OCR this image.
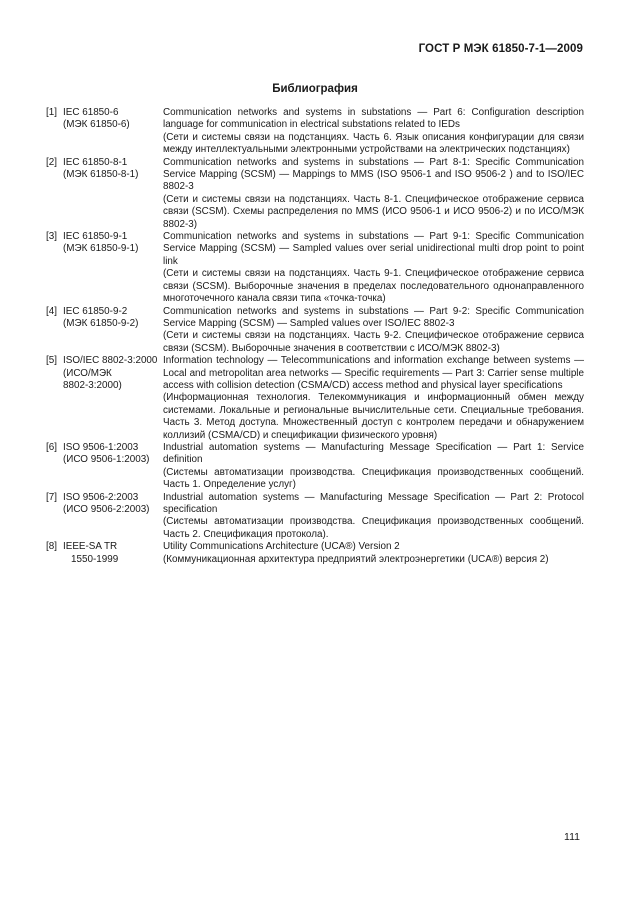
ГОСТ Р МЭК 61850-7-1—2009
Библиография
[1] IEC 61850-6
(МЭК 61850-6)

Communication networks and systems in substations — Part 6: Configuration description language for communication in electrical substations related to IEDs

(Сети и системы связи на подстанциях. Часть 6. Язык описания конфигурации для связи между интеллектуальными электронными устройствами на электрических подстанциях)

[2] IEC 61850-8-1
(МЭК 61850-8-1)

Communication networks and systems in substations — Part 8-1: Specific Communication Service Mapping (SCSM) — Mappings to MMS (ISO 9506-1 and ISO 9506-2 ) and to ISO/IEC 8802-3

(Сети и системы связи на подстанциях. Часть 8-1. Специфическое отображение сервиса связи (SCSM). Схемы распределения по MMS (ИСО 9506-1 и ИСО 9506-2) и по ИСО/МЭК 8802-3)

[3] IEC 61850-9-1
(МЭК 61850-9-1)

Communication networks and systems in substations — Part 9-1: Specific Communication Service Mapping (SCSM) — Sampled values over serial unidirectional multi drop point to point link

(Сети и системы связи на подстанциях. Часть 9-1. Специфическое отображение сервиса связи (SCSM). Выборочные значения в пределах последовательного однонаправленного многоточечного канала связи типа «точка-точка)

[4] IEC 61850-9-2
(МЭК 61850-9-2)

Communication networks and systems in substations — Part 9-2: Specific Communication Service Mapping (SCSM) — Sampled values over ISO/IEC 8802-3

(Сети и системы связи на подстанциях. Часть 9-2. Специфическое отображение сервиса связи (SCSM). Выборочные значения в соответствии с ИСО/МЭК 8802-3)

[5] ISO/IEC 8802-3:2000
(ИСО/МЭК
8802-3:2000)

Information technology — Telecommunications and information exchange between systems — Local and metropolitan area networks — Specific requirements — Part 3: Carrier sense multiple access with collision detection (CSMA/CD) access method and physical layer specifications

(Информационная технология. Телекоммуникация и информационный обмен между системами. Локальные и региональные вычислительные сети. Специальные требования. Часть 3. Метод доступа. Множественный доступ с контролем передачи и обнаружением коллизий (CSMA/CD) и спецификации физического уровня)

[6] ISO 9506-1:2003
(ИСО 9506-1:2003)

Industrial automation systems — Manufacturing Message Specification — Part 1: Service definition

(Системы автоматизации производства. Спецификация производственных сообщений. Часть 1. Определение услуг)

[7] ISO 9506-2:2003
(ИСО 9506-2:2003)

Industrial automation systems — Manufacturing Message Specification — Part 2: Protocol specification

(Системы автоматизации производства. Спецификация производственных сообщений. Часть 2. Спецификация протокола).

[8] IEEE-SA TR
1550-1999

Utility Communications Architecture (UCA®) Version 2

(Коммуникационная архитектура предприятий электроэнергетики (UCA®) версия 2)

111
